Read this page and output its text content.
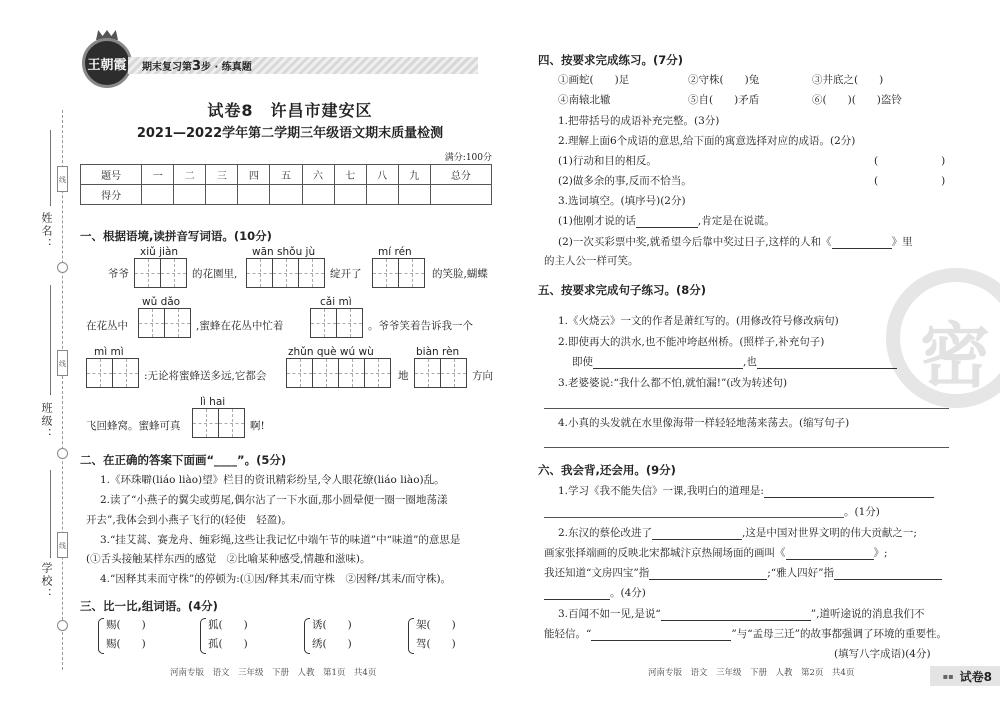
姓名：
班级：
学校：
线
线
线
王朝霞	期末复习第3步 · 练真题
试卷8　许昌市建安区
2021—2022学年第二学期三年级语文期末质量检测
满分:100分
题号	一	二	三	四	五	六	七	八	九	总分
得分										
一、根据语境,读拼音写词语。(10分)
xiǔ jiàn	wān shǒu jù	mí rén
爷爷	的花園里,	绽开了	的笑脸,蝴蝶
wǔ dǎo	cǎi mì
在花丛中	,蜜蜂在花丛中忙着	。爷爷笑着告诉我一个
mì mì	zhǔn què wú wù	biàn rèn
:无论将蜜蜂送多远,它都会	地	方向
lì hai
飞回蜂窝。蜜蜂可真	啊!
二、在正确的答案下面画“____”。(5分)
1.《环珠噼(liáo liào)望》栏目的资讯精彩纷呈,令人眼花缭(liáo liào)乱。
2.读了“小燕子的翼尖或剪尾,偶尔沾了一下水面,那小圆晕便一圈一圈地荡漾
开去”,我体会到小燕子飞行的(轻使　轻盈)。
3.“挂艾蒿、赛龙舟、缠彩绳,这些让我记忆中端午节的味道”中“味道”的意思是
(①舌头接触某样东西的感觉　②比喻某种感受,情趣和滋味)。
4.“因释其耒而守株”的停顿为:(①因/释其耒/而守株　②因释/其耒/而守株)。
三、比一比,组词语。(4分)
赐(　　)
赐(　　)
狐(　　)
孤(　　)
诱(　　)
绣(　　)
架(　　)
驾(　　)
河南专版　语文　三年级　下册　人教　第1页　共4页
密
四、按要求完成练习。(7分)
①画蛇(　　)足	②守株(　　)兔	③井底之(　　)
④南辕北辙	⑤自(　　)矛盾	⑥(　　)(　　)盗铃
1.把带括号的成语补充完整。(3分)
2.理解上面6个成语的意思,给下面的寓意选择对应的成语。(2分)
(1)行动和目的相反。	(　　　　　　)
(2)做多余的事,反而不恰当。	(　　　　　　)
3.选词填空。(填序号)(2分)
(1)他刚才说的话	,肯定是在说谎。
(2)一次买彩票中奖,就希望今后靠中奖过日子,这样的人和《	》里
的主人公一样可笑。
五、按要求完成句子练习。(8分)
1.《火烧云》一文的作者是萧红写的。(用修改符号修改病句)
2.即使再大的洪水,也不能冲垮赵州桥。(照样子,补充句子)
即使	,也
3.老婆婆说:“我什么都不怕,就怕漏!”(改为转述句)
4.小真的头发就在水里像海带一样轻轻地荡来荡去。(缩写句子)
六、我会背,还会用。(9分)
1.学习《我不能失信》一课,我明白的道理是:
。(1分)
2.东汉的蔡伦改进了	,这是中国对世界文明的伟大贡献之一;
画家张择端画的反映北宋都城汴京热闹场面的画叫《	》;
我还知道“文房四宝”指	;“雅人四好”指
。(4分)
3.百闻不如一见,是说“	”,道听途说的消息我们不
能轻信。“	”与“孟母三迁”的故事都强调了环境的重要性。
(填写八字成语)(4分)
河南专版　语文　三年级　下册　人教　第2页　共4页	▪▪ 试卷8
